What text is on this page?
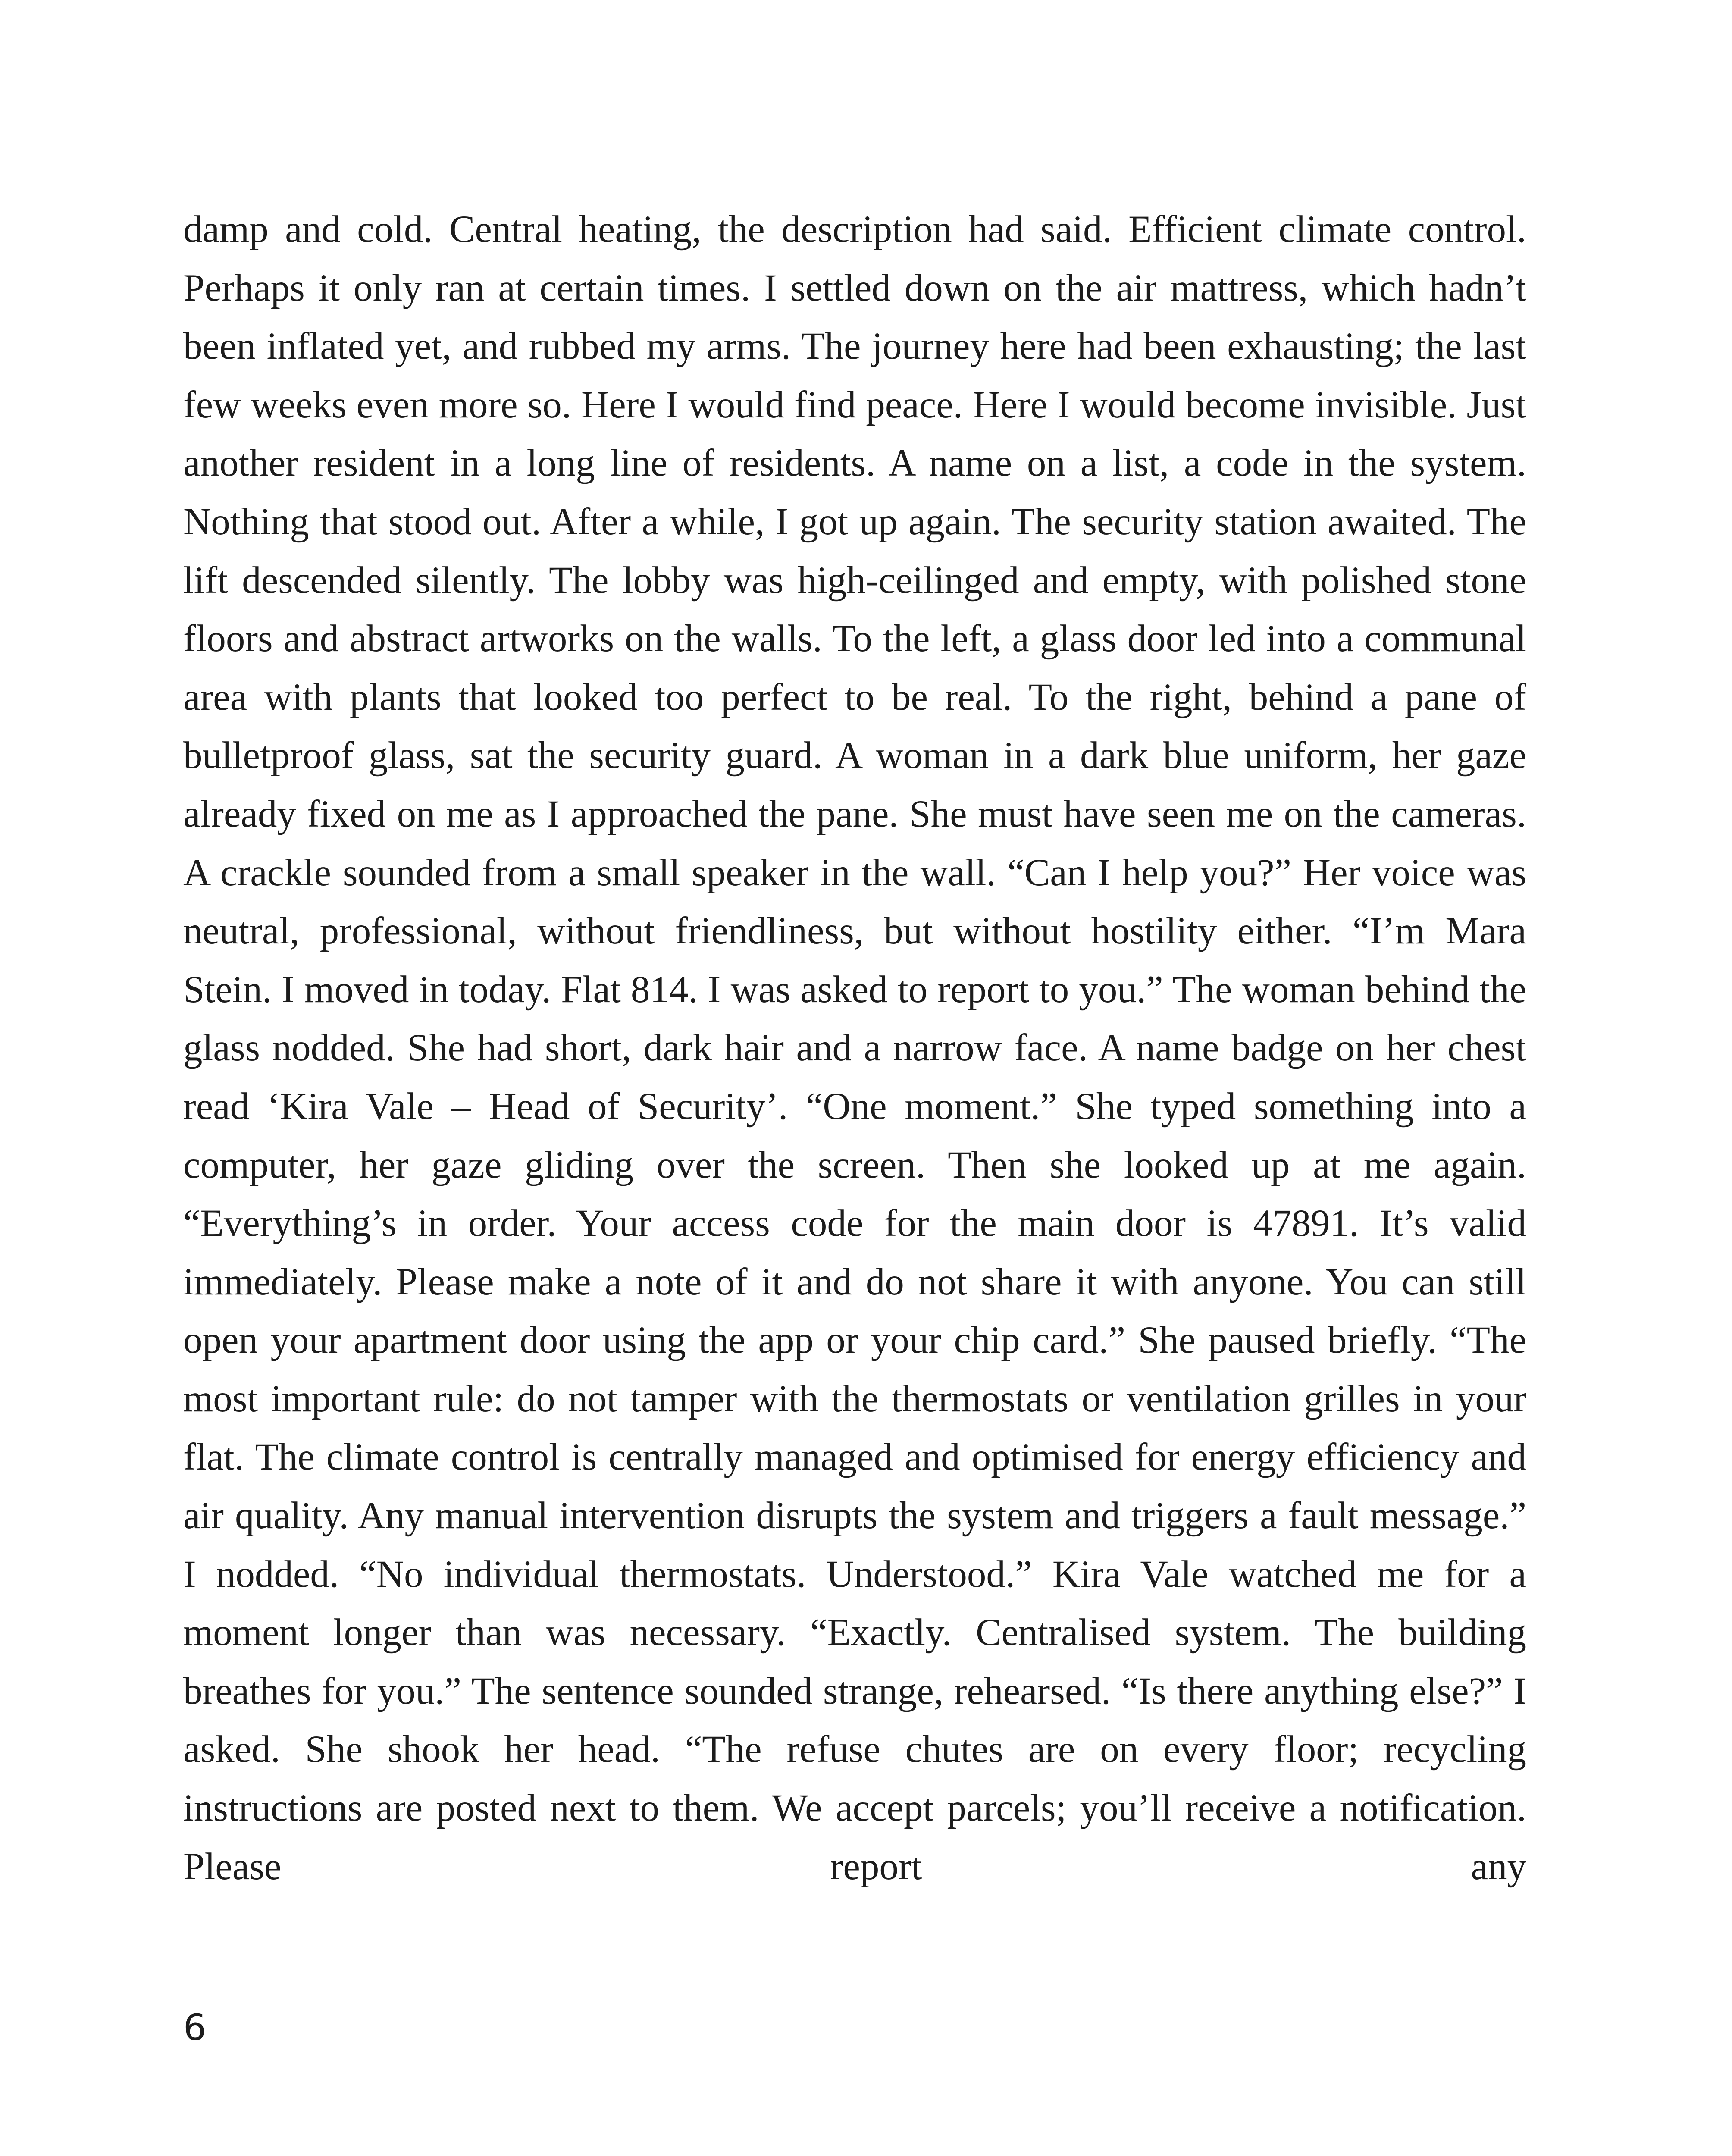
damp and cold. Central heating, the description had said. Efficient climate control. Perhaps it only ran at certain times. I settled down on the air mattress, which hadn’t been inflated yet, and rubbed my arms. The journey here had been exhausting; the last few weeks even more so. Here I would find peace. Here I would become invisible. Just another resident in a long line of residents. A name on a list, a code in the system. Nothing that stood out. After a while, I got up again. The security station awaited. The lift descended silently. The lobby was high-ceilinged and empty, with polished stone floors and abstract artworks on the walls. To the left, a glass door led into a communal area with plants that looked too perfect to be real. To the right, behind a pane of bulletproof glass, sat the security guard. A woman in a dark blue uniform, her gaze already fixed on me as I approached the pane. She must have seen me on the cameras. A crackle sounded from a small speaker in the wall. “Can I help you?” Her voice was neutral, professional, without friendliness, but without hostility either. “I’m Mara Stein. I moved in today. Flat 814. I was asked to report to you.” The woman behind the glass nodded. She had short, dark hair and a narrow face. A name badge on her chest read ‘Kira Vale – Head of Security’. “One moment.” She typed something into a computer, her gaze gliding over the screen. Then she looked up at me again. “Everything’s in order. Your access code for the main door is 47891. It’s valid immediately. Please make a note of it and do not share it with anyone. You can still open your apartment door using the app or your chip card.” She paused briefly. “The most important rule: do not tamper with the thermostats or ventilation grilles in your flat. The climate control is centrally managed and optimised for energy efficiency and air quality. Any manual intervention disrupts the system and triggers a fault message.” I nodded. “No individual thermostats. Understood.” Kira Vale watched me for a moment longer than was necessary. “Exactly. Centralised system. The building breathes for you.” The sentence sounded strange, rehearsed. “Is there anything else?” I asked. She shook her head. “The refuse chutes are on every floor; recycling instructions are posted next to them. We accept parcels; you’ll receive a notification. Please report any

6
